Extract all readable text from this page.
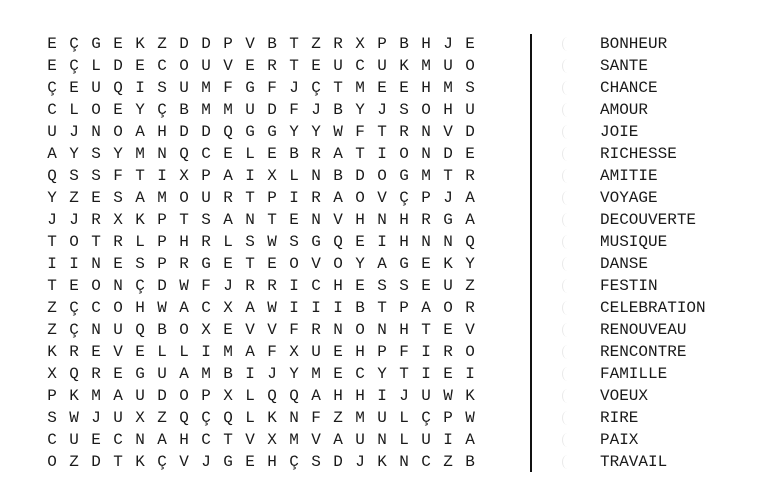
E Ç G E K Z D D P V B T Z R X P B H J E
E Ç L D E C O U V E R T E U C U K M U O
Ç E U Q I S U M F G F J Ç T M E E H M S
C L O E Y Ç B M M U D F J B Y J S O H U
U J N O A H D D Q G G Y Y W F T R N V D
A Y S Y M N Q C E L E B R A T I O N D E
Q S S F T I X P A I X L N B D O G M T R
Y Z E S A M O U R T P I R A O V Ç P J A
J J R X K P T S A N T E N V H N H R G A
T O T R L P H R L S W S G Q E I H N N Q
I I N E S P R G E T E O V O Y A G E K Y
T E O N Ç D W F J R R I C H E S S E U Z
Z Ç C O H W A C X A W I I I B T P A O R
Z Ç N U Q B O X E V V F R N O N H T E V
K R E V E L L I M A F X U E H P F I R O
X Q R E G U A M B I J Y M E C Y T I E I
P K M A U D O P X L Q Q A H H I J U W K
S W J U X Z Q Ç Q L K N F Z M U L Ç P W
C U E C N A H C T V X M V A U N L U I A
O Z D T K Ç V J G E H Ç S D J K N C Z B
BONHEUR
SANTE
CHANCE
AMOUR
JOIE
RICHESSE
AMITIE
VOYAGE
DECOUVERTE
MUSIQUE
DANSE
FESTIN
CELEBRATION
RENOUVEAU
RENCONTRE
FAMILLE
VOEUX
RIRE
PAIX
TRAVAIL
